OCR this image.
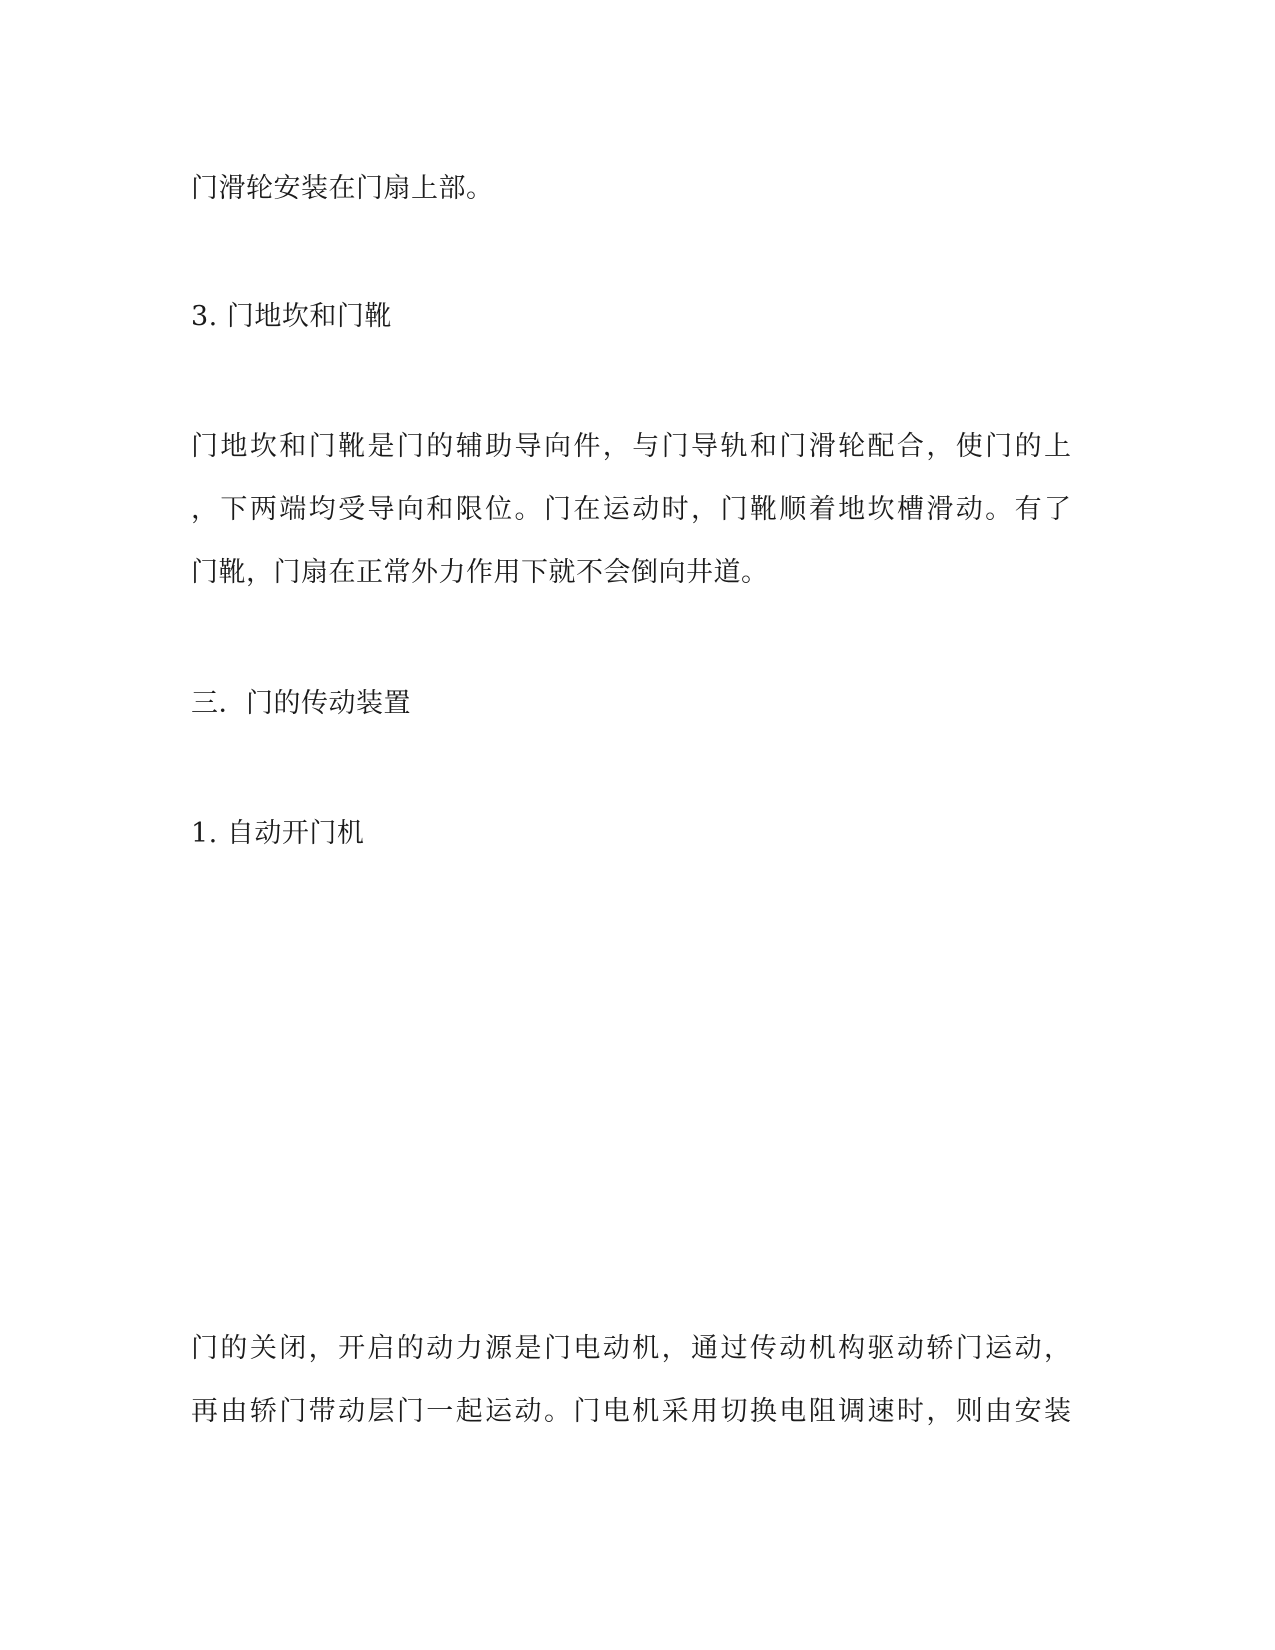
门滑轮安装在门扇上部。
3. 门地坎和门靴
门地坎和门靴是门的辅助导向件，与门导轨和门滑轮配合，使门的上
，下两端均受导向和限位。门在运动时，门靴顺着地坎槽滑动。有了
门靴，门扇在正常外力作用下就不会倒向井道。
三．门的传动装置
1. 自动开门机
门的关闭，开启的动力源是门电动机，通过传动机构驱动轿门运动，
再由轿门带动层门一起运动。门电机采用切换电阻调速时，则由安装
